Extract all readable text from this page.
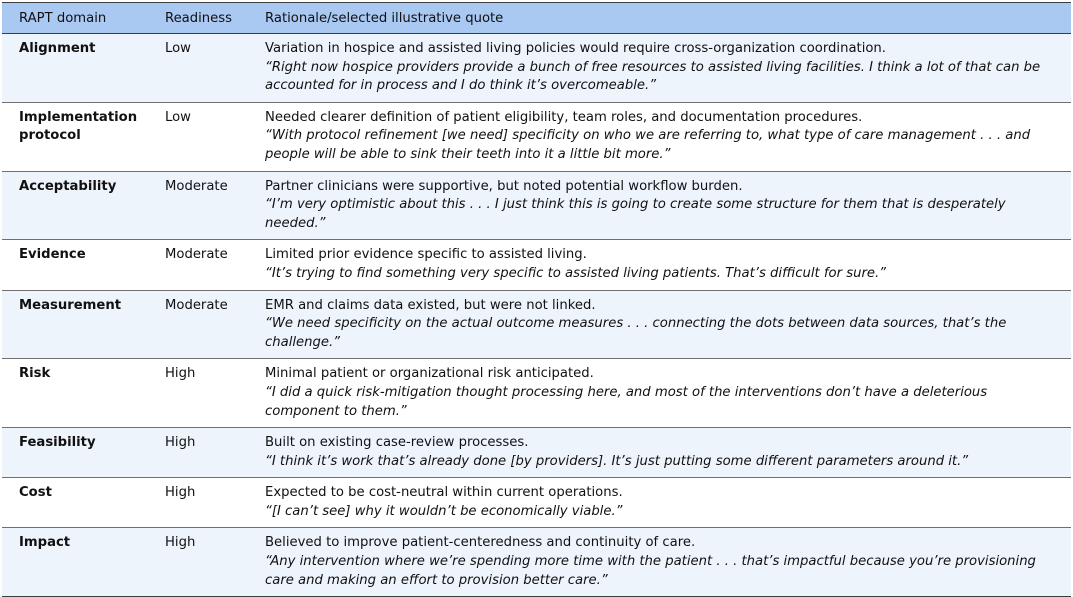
RAPT domain	Readiness	Rationale/selected illustrative quote
Alignment	Low	Variation in hospice and assisted living policies would require cross-organization coordination.
“Right now hospice providers provide a bunch of free resources to assisted living facilities. I think a lot of that can be accounted for in process and I do think it’s overcomeable.”

Implementation protocol	Low	Needed clearer definition of patient eligibility, team roles, and documentation procedures.
“With protocol refinement [we need] specificity on who we are referring to, what type of care management . . . and people will be able to sink their teeth into it a little bit more.”

Acceptability	Moderate	Partner clinicians were supportive, but noted potential workflow burden.
“I’m very optimistic about this . . . I just think this is going to create some structure for them that is desperately needed.”

Evidence	Moderate	Limited prior evidence specific to assisted living.
“It’s trying to find something very specific to assisted living patients. That’s difficult for sure.”

Measurement	Moderate	EMR and claims data existed, but were not linked.
“We need specificity on the actual outcome measures . . . connecting the dots between data sources, that’s the challenge.”

Risk	High	Minimal patient or organizational risk anticipated.
“I did a quick risk-mitigation thought processing here, and most of the interventions don’t have a deleterious component to them.”

Feasibility	High	Built on existing case-review processes.
“I think it’s work that’s already done [by providers]. It’s just putting some different parameters around it.”

Cost	High	Expected to be cost-neutral within current operations.
“[I can’t see] why it wouldn’t be economically viable.”

Impact	High	Believed to improve patient-centeredness and continuity of care.
“Any intervention where we’re spending more time with the patient . . . that’s impactful because you’re provisioning care and making an effort to provision better care.”
